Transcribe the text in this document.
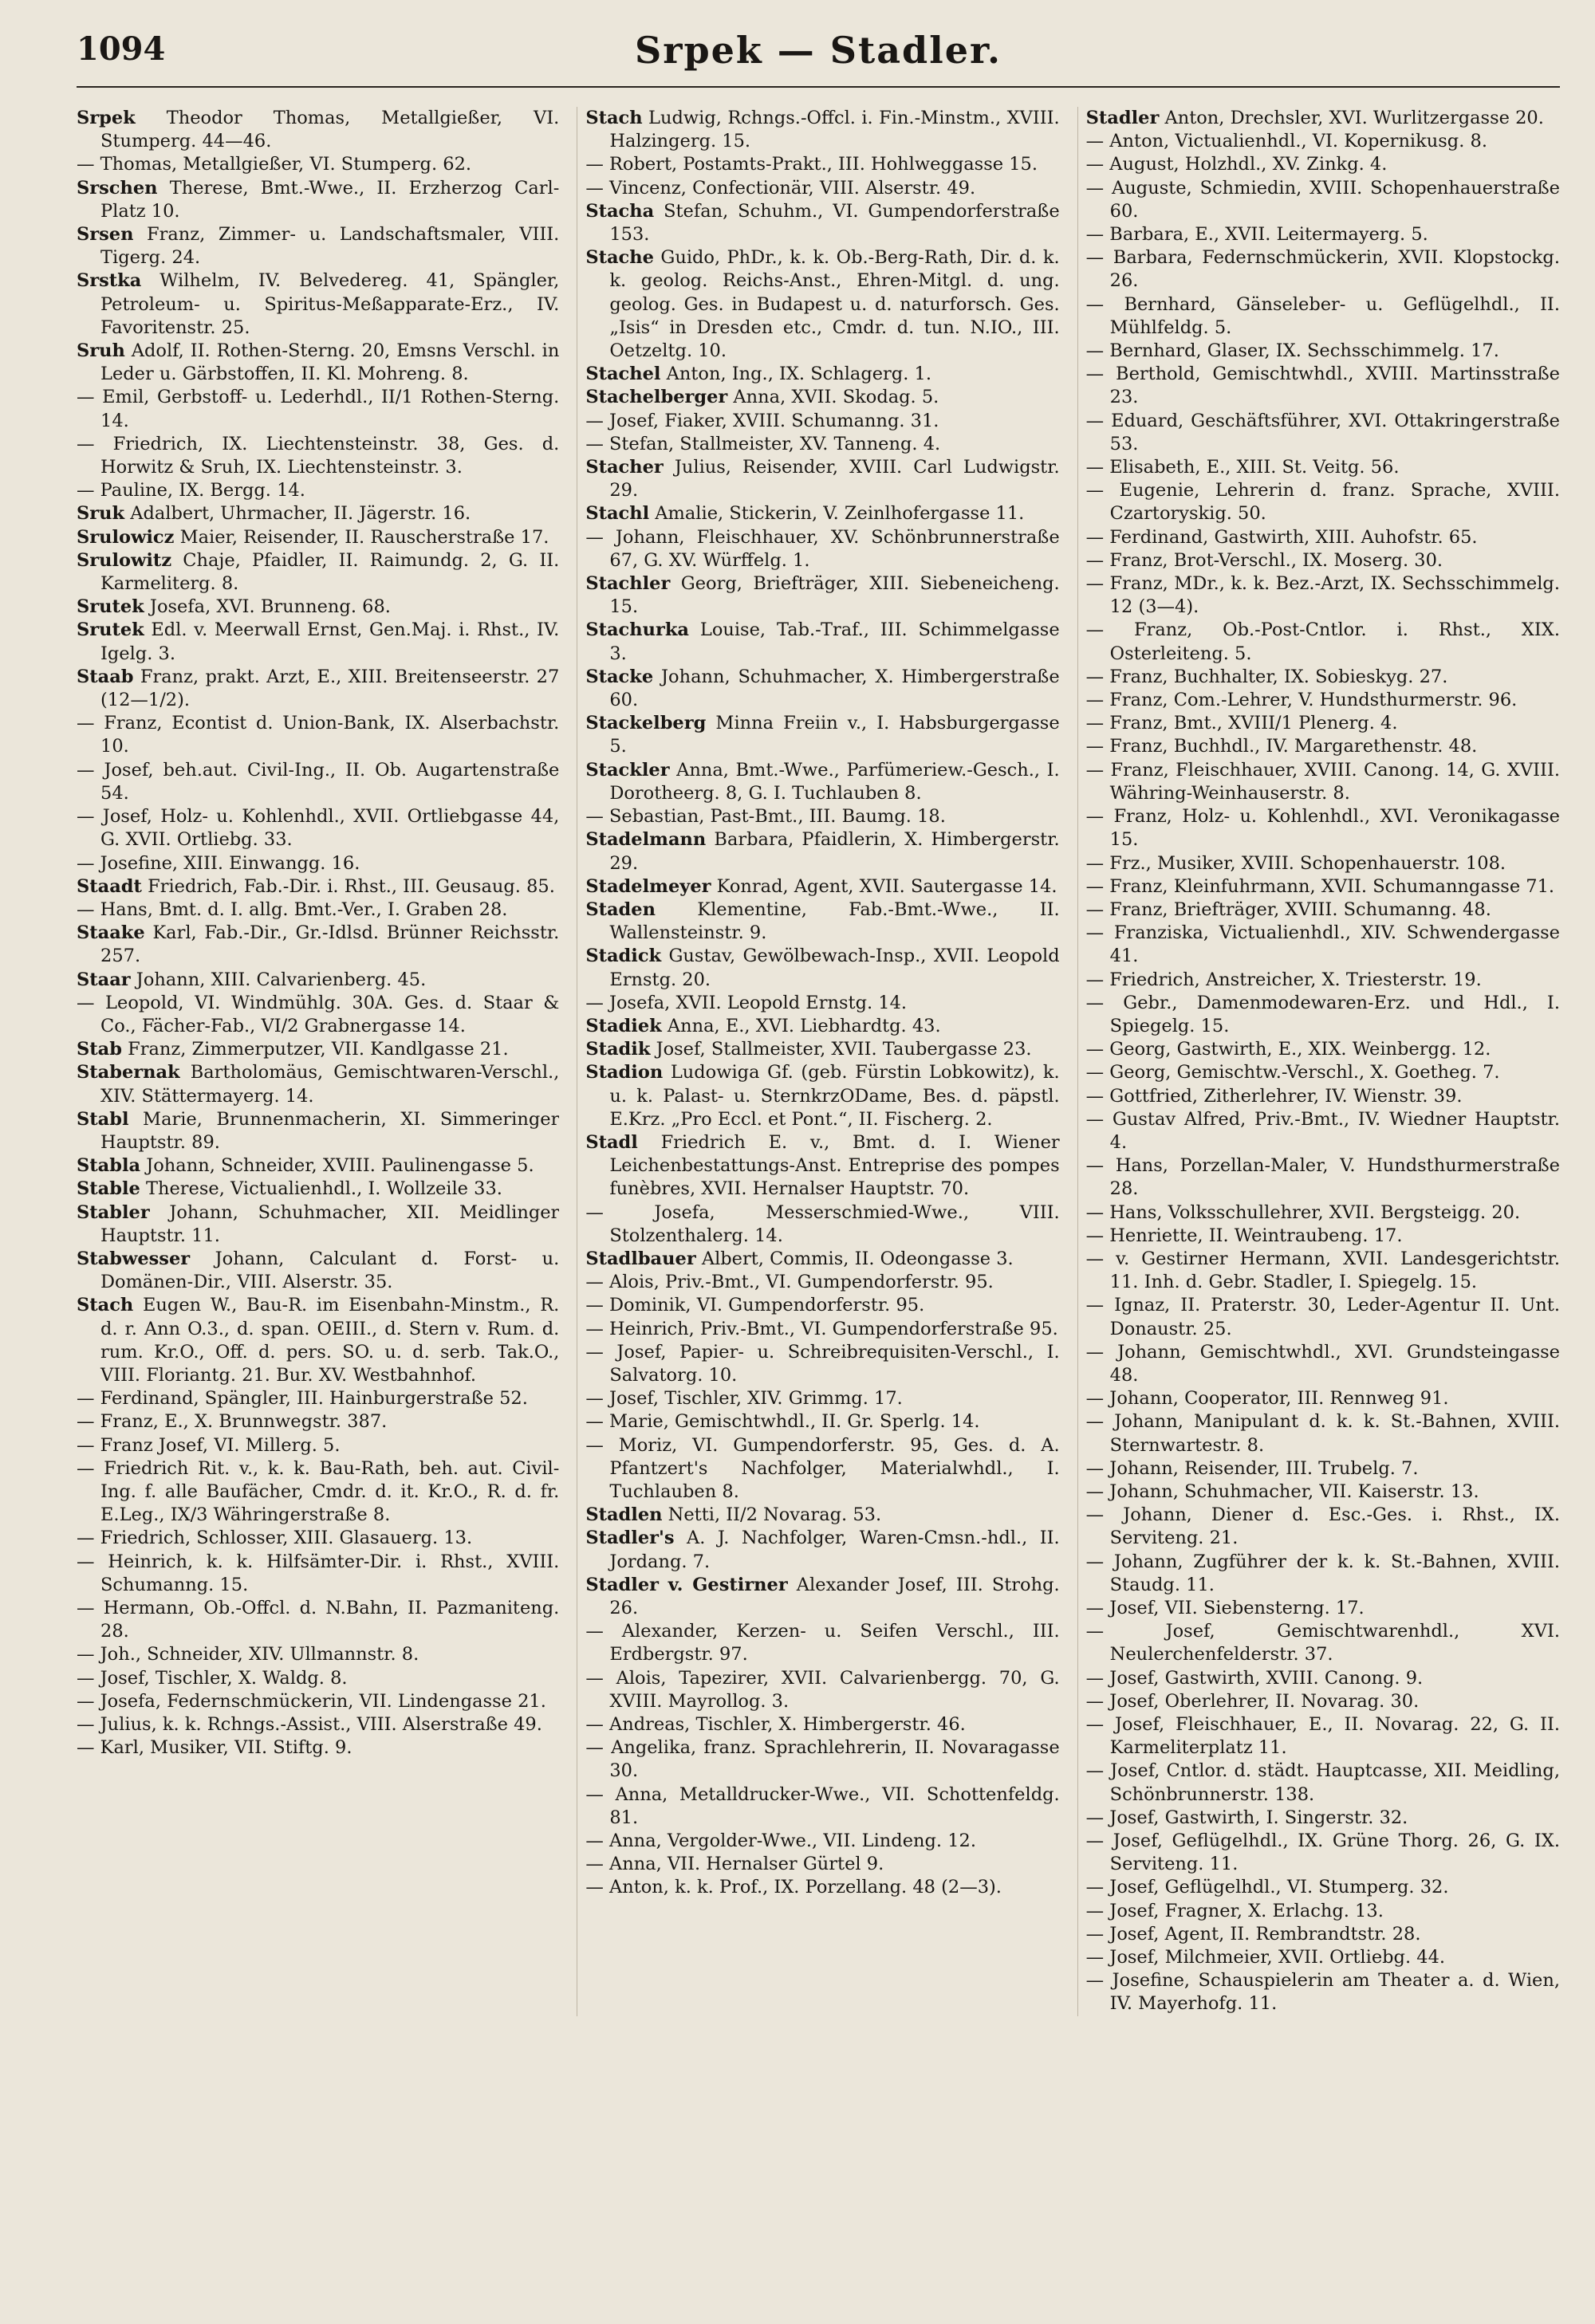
1094	Srpek — Stadler.

Srpek Theodor Thomas, Metallgießer, VI. Stumperg. 44—46.

— Thomas, Metallgießer, VI. Stumperg. 62.

Srschen Therese, Bmt.-Wwe., II. Erzherzog Carl-Platz 10.

Srsen Franz, Zimmer- u. Landschaftsmaler, VIII. Tigerg. 24.

Srstka Wilhelm, IV. Belvedereg. 41, Spängler, Petroleum- u. Spiritus-Meßapparate-Erz., IV. Favoritenstr. 25.

Sruh Adolf, II. Rothen-Sterng. 20, Emsns Verschl. in Leder u. Gärbstoffen, II. Kl. Mohreng. 8.

— Emil, Gerbstoff- u. Lederhdl., II/1 Rothen-Sterng. 14.

— Friedrich, IX. Liechtensteinstr. 38, Ges. d. Horwitz & Sruh, IX. Liechtensteinstr. 3.

— Pauline, IX. Bergg. 14.

Sruk Adalbert, Uhrmacher, II. Jägerstr. 16.

Srulowicz Maier, Reisender, II. Rauscherstraße 17.

Srulowitz Chaje, Pfaidler, II. Raimundg. 2, G. II. Karmeliterg. 8.

Srutek Josefa, XVI. Brunneng. 68.

Srutek Edl. v. Meerwall Ernst, Gen.Maj. i. Rhst., IV. Igelg. 3.

Staab Franz, prakt. Arzt, E., XIII. Breitenseerstr. 27 (12—1/2).

— Franz, Econtist d. Union-Bank, IX. Alserbachstr. 10.

— Josef, beh.aut. Civil-Ing., II. Ob. Augartenstraße 54.

— Josef, Holz- u. Kohlenhdl., XVII. Ortliebgasse 44, G. XVII. Ortliebg. 33.

— Josefine, XIII. Einwangg. 16.

Staadt Friedrich, Fab.-Dir. i. Rhst., III. Geusaug. 85.

— Hans, Bmt. d. I. allg. Bmt.-Ver., I. Graben 28.

Staake Karl, Fab.-Dir., Gr.-Idlsd. Brünner Reichsstr. 257.

Staar Johann, XIII. Calvarienberg. 45.

— Leopold, VI. Windmühlg. 30A. Ges. d. Staar & Co., Fächer-Fab., VI/2 Grabnergasse 14.

Stab Franz, Zimmerputzer, VII. Kandlgasse 21.

Stabernak Bartholomäus, Gemischtwaren-Verschl., XIV. Stättermayerg. 14.

Stabl Marie, Brunnenmacherin, XI. Simmeringer Hauptstr. 89.

Stabla Johann, Schneider, XVIII. Paulinengasse 5.

Stable Therese, Victualienhdl., I. Wollzeile 33.

Stabler Johann, Schuhmacher, XII. Meidlinger Hauptstr. 11.

Stabwesser Johann, Calculant d. Forst- u. Domänen-Dir., VIII. Alserstr. 35.

Stach Eugen W., Bau-R. im Eisenbahn-Minstm., R. d. r. Ann O.3., d. span. OEIII., d. Stern v. Rum. d. rum. Kr.O., Off. d. pers. SO. u. d. serb. Tak.O., VIII. Floriantg. 21. Bur. XV. Westbahnhof.

— Ferdinand, Spängler, III. Hainburgerstraße 52.

— Franz, E., X. Brunnwegstr. 387.

— Franz Josef, VI. Millerg. 5.

— Friedrich Rit. v., k. k. Bau-Rath, beh. aut. Civil-Ing. f. alle Baufächer, Cmdr. d. it. Kr.O., R. d. fr. E.Leg., IX/3 Währingerstraße 8.

— Friedrich, Schlosser, XIII. Glasauerg. 13.

— Heinrich, k. k. Hilfsämter-Dir. i. Rhst., XVIII. Schumanng. 15.

— Hermann, Ob.-Offcl. d. N.Bahn, II. Pazmaniteng. 28.

— Joh., Schneider, XIV. Ullmannstr. 8.

— Josef, Tischler, X. Waldg. 8.

— Josefa, Federnschmückerin, VII. Lindengasse 21.

— Julius, k. k. Rchngs.-Assist., VIII. Alserstraße 49.

— Karl, Musiker, VII. Stiftg. 9.

Stach Ludwig, Rchngs.-Offcl. i. Fin.-Minstm., XVIII. Halzingerg. 15.

— Robert, Postamts-Prakt., III. Hohlweggasse 15.

— Vincenz, Confectionär, VIII. Alserstr. 49.

Stacha Stefan, Schuhm., VI. Gumpendorferstraße 153.

Stache Guido, PhDr., k. k. Ob.-Berg-Rath, Dir. d. k. k. geolog. Reichs-Anst., Ehren-Mitgl. d. ung. geolog. Ges. in Budapest u. d. naturforsch. Ges. „Isis“ in Dresden etc., Cmdr. d. tun. N.IO., III. Oetzeltg. 10.

Stachel Anton, Ing., IX. Schlagerg. 1.

Stachelberger Anna, XVII. Skodag. 5.

— Josef, Fiaker, XVIII. Schumanng. 31.

— Stefan, Stallmeister, XV. Tanneng. 4.

Stacher Julius, Reisender, XVIII. Carl Ludwigstr. 29.

Stachl Amalie, Stickerin, V. Zeinlhofergasse 11.

— Johann, Fleischhauer, XV. Schönbrunnerstraße 67, G. XV. Würffelg. 1.

Stachler Georg, Briefträger, XIII. Siebeneicheng. 15.

Stachurka Louise, Tab.-Traf., III. Schimmelgasse 3.

Stacke Johann, Schuhmacher, X. Himbergerstraße 60.

Stackelberg Minna Freiin v., I. Habsburgergasse 5.

Stackler Anna, Bmt.-Wwe., Parfümeriew.-Gesch., I. Dorotheerg. 8, G. I. Tuchlauben 8.

— Sebastian, Past-Bmt., III. Baumg. 18.

Stadelmann Barbara, Pfaidlerin, X. Himbergerstr. 29.

Stadelmeyer Konrad, Agent, XVII. Sautergasse 14.

Staden Klementine, Fab.-Bmt.-Wwe., II. Wallensteinstr. 9.

Stadick Gustav, Gewölbewach-Insp., XVII. Leopold Ernstg. 20.

— Josefa, XVII. Leopold Ernstg. 14.

Stadiek Anna, E., XVI. Liebhardtg. 43.

Stadik Josef, Stallmeister, XVII. Taubergasse 23.

Stadion Ludowiga Gf. (geb. Fürstin Lobkowitz), k. u. k. Palast- u. SternkrzODame, Bes. d. päpstl. E.Krz. „Pro Eccl. et Pont.“, II. Fischerg. 2.

Stadl Friedrich E. v., Bmt. d. I. Wiener Leichenbestattungs-Anst. Entreprise des pompes funèbres, XVII. Hernalser Hauptstr. 70.

— Josefa, Messerschmied-Wwe., VIII. Stolzenthalerg. 14.

Stadlbauer Albert, Commis, II. Odeongasse 3.

— Alois, Priv.-Bmt., VI. Gumpendorferstr. 95.

— Dominik, VI. Gumpendorferstr. 95.

— Heinrich, Priv.-Bmt., VI. Gumpendorferstraße 95.

— Josef, Papier- u. Schreibrequisiten-Verschl., I. Salvatorg. 10.

— Josef, Tischler, XIV. Grimmg. 17.

— Marie, Gemischtwhdl., II. Gr. Sperlg. 14.

— Moriz, VI. Gumpendorferstr. 95, Ges. d. A. Pfantzert's Nachfolger, Materialwhdl., I. Tuchlauben 8.

Stadlen Netti, II/2 Novarag. 53.

Stadler's A. J. Nachfolger, Waren-Cmsn.-hdl., II. Jordang. 7.

Stadler v. Gestirner Alexander Josef, III. Strohg. 26.

— Alexander, Kerzen- u. Seifen Verschl., III. Erdbergstr. 97.

— Alois, Tapezirer, XVII. Calvarienbergg. 70, G. XVIII. Mayrollog. 3.

— Andreas, Tischler, X. Himbergerstr. 46.

— Angelika, franz. Sprachlehrerin, II. Novaragasse 30.

— Anna, Metalldrucker-Wwe., VII. Schottenfeldg. 81.

— Anna, Vergolder-Wwe., VII. Lindeng. 12.

— Anna, VII. Hernalser Gürtel 9.

— Anton, k. k. Prof., IX. Porzellang. 48 (2—3).

Stadler Anton, Drechsler, XVI. Wurlitzergasse 20.

— Anton, Victualienhdl., VI. Kopernikusg. 8.

— August, Holzhdl., XV. Zinkg. 4.

— Auguste, Schmiedin, XVIII. Schopenhauerstraße 60.

— Barbara, E., XVII. Leitermayerg. 5.

— Barbara, Federnschmückerin, XVII. Klopstockg. 26.

— Bernhard, Gänseleber- u. Geflügelhdl., II. Mühlfeldg. 5.

— Bernhard, Glaser, IX. Sechsschimmelg. 17.

— Berthold, Gemischtwhdl., XVIII. Martinsstraße 23.

— Eduard, Geschäftsführer, XVI. Ottakringerstraße 53.

— Elisabeth, E., XIII. St. Veitg. 56.

— Eugenie, Lehrerin d. franz. Sprache, XVIII. Czartoryskig. 50.

— Ferdinand, Gastwirth, XIII. Auhofstr. 65.

— Franz, Brot-Verschl., IX. Moserg. 30.

— Franz, MDr., k. k. Bez.-Arzt, IX. Sechsschimmelg. 12 (3—4).

— Franz, Ob.-Post-Cntlor. i. Rhst., XIX. Osterleiteng. 5.

— Franz, Buchhalter, IX. Sobieskyg. 27.

— Franz, Com.-Lehrer, V. Hundsthurmerstr. 96.

— Franz, Bmt., XVIII/1 Plenerg. 4.

— Franz, Buchhdl., IV. Margarethenstr. 48.

— Franz, Fleischhauer, XVIII. Canong. 14, G. XVIII. Währing-Weinhauserstr. 8.

— Franz, Holz- u. Kohlenhdl., XVI. Veronikagasse 15.

— Frz., Musiker, XVIII. Schopenhauerstr. 108.

— Franz, Kleinfuhrmann, XVII. Schumanngasse 71.

— Franz, Briefträger, XVIII. Schumanng. 48.

— Franziska, Victualienhdl., XIV. Schwendergasse 41.

— Friedrich, Anstreicher, X. Triesterstr. 19.

— Gebr., Damenmodewaren-Erz. und Hdl., I. Spiegelg. 15.

— Georg, Gastwirth, E., XIX. Weinbergg. 12.

— Georg, Gemischtw.-Verschl., X. Goetheg. 7.

— Gottfried, Zitherlehrer, IV. Wienstr. 39.

— Gustav Alfred, Priv.-Bmt., IV. Wiedner Hauptstr. 4.

— Hans, Porzellan-Maler, V. Hundsthurmerstraße 28.

— Hans, Volksschullehrer, XVII. Bergsteigg. 20.

— Henriette, II. Weintraubeng. 17.

— v. Gestirner Hermann, XVII. Landesgerichtstr. 11. Inh. d. Gebr. Stadler, I. Spiegelg. 15.

— Ignaz, II. Praterstr. 30, Leder-Agentur II. Unt. Donaustr. 25.

— Johann, Gemischtwhdl., XVI. Grundsteingasse 48.

— Johann, Cooperator, III. Rennweg 91.

— Johann, Manipulant d. k. k. St.-Bahnen, XVIII. Sternwartestr. 8.

— Johann, Reisender, III. Trubelg. 7.

— Johann, Schuhmacher, VII. Kaiserstr. 13.

— Johann, Diener d. Esc.-Ges. i. Rhst., IX. Serviteng. 21.

— Johann, Zugführer der k. k. St.-Bahnen, XVIII. Staudg. 11.

— Josef, VII. Siebensterng. 17.

— Josef, Gemischtwarenhdl., XVI. Neulerchenfelderstr. 37.

— Josef, Gastwirth, XVIII. Canong. 9.

— Josef, Oberlehrer, II. Novarag. 30.

— Josef, Fleischhauer, E., II. Novarag. 22, G. II. Karmeliterplatz 11.

— Josef, Cntlor. d. städt. Hauptcasse, XII. Meidling, Schönbrunnerstr. 138.

— Josef, Gastwirth, I. Singerstr. 32.

— Josef, Geflügelhdl., IX. Grüne Thorg. 26, G. IX. Serviteng. 11.

— Josef, Geflügelhdl., VI. Stumperg. 32.

— Josef, Fragner, X. Erlachg. 13.

— Josef, Agent, II. Rembrandtstr. 28.

— Josef, Milchmeier, XVII. Ortliebg. 44.

— Josefine, Schauspielerin am Theater a. d. Wien, IV. Mayerhofg. 11.
